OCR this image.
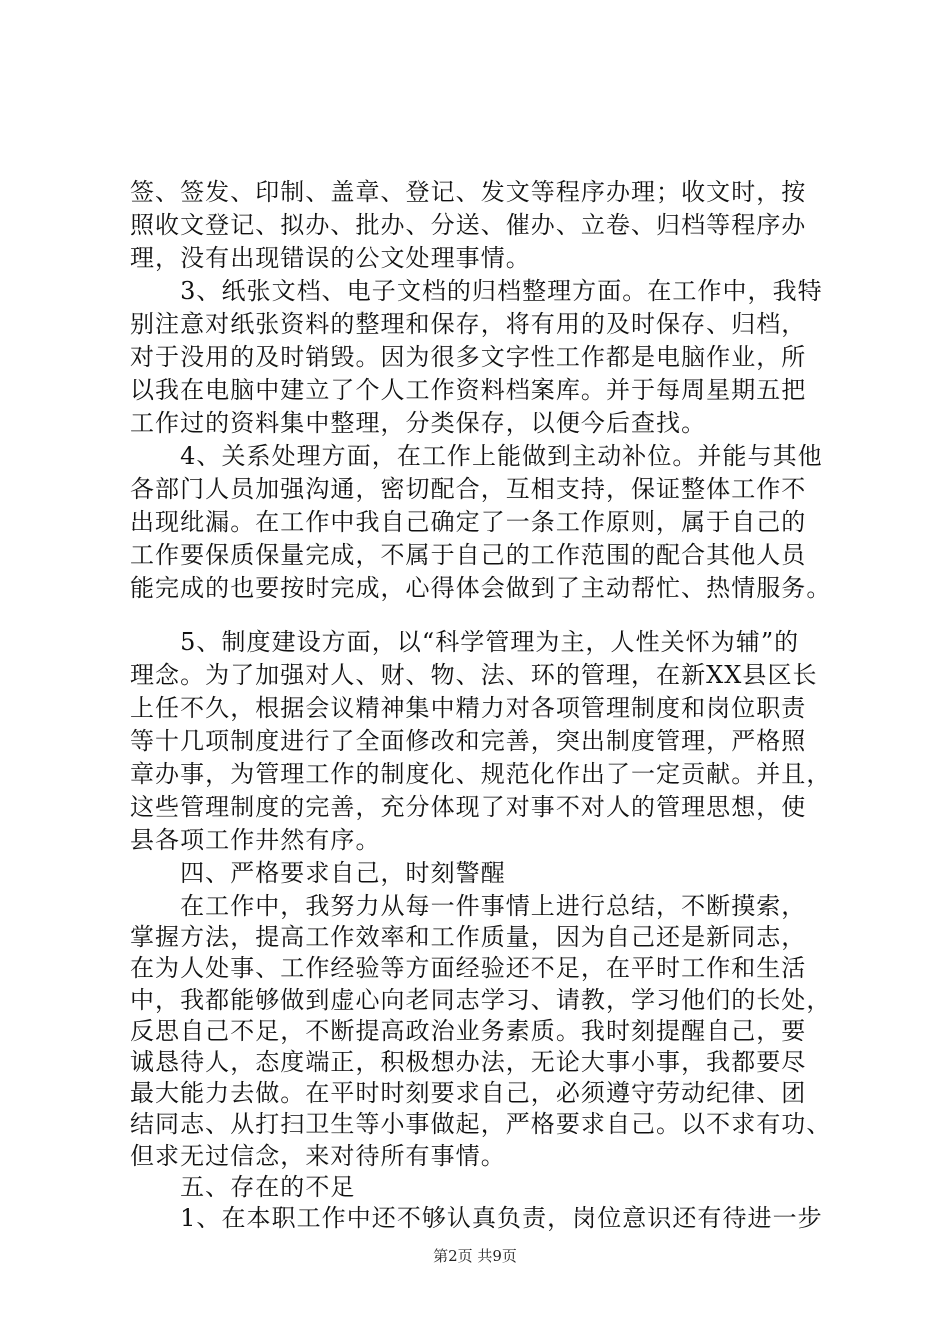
签、签发、印制、盖章、登记、发文等程序办理；收文时，按
照收文登记、拟办、批办、分送、催办、立卷、归档等程序办
理，没有出现错误的公文处理事情。
　　3、纸张文档、电子文档的归档整理方面。在工作中，我特
别注意对纸张资料的整理和保存，将有用的及时保存、归档，
对于没用的及时销毁。因为很多文字性工作都是电脑作业，所
以我在电脑中建立了个人工作资料档案库。并于每周星期五把
工作过的资料集中整理，分类保存，以便今后查找。
　　4、关系处理方面，在工作上能做到主动补位。并能与其他
各部门人员加强沟通，密切配合，互相支持，保证整体工作不
出现纰漏。在工作中我自己确定了一条工作原则，属于自己的
工作要保质保量完成，不属于自己的工作范围的配合其他人员
能完成的也要按时完成，心得体会做到了主动帮忙、热情服务。
　　5、制度建设方面，以“科学管理为主，人性关怀为辅”的
理念。为了加强对人、财、物、法、环的管理，在新XX县区长
上任不久，根据会议精神集中精力对各项管理制度和岗位职责
等十几项制度进行了全面修改和完善，突出制度管理，严格照
章办事，为管理工作的制度化、规范化作出了一定贡献。并且，
这些管理制度的完善，充分体现了对事不对人的管理思想，使
县各项工作井然有序。
　　四、严格要求自己，时刻警醒
　　在工作中，我努力从每一件事情上进行总结，不断摸索，
掌握方法，提高工作效率和工作质量，因为自己还是新同志，
在为人处事、工作经验等方面经验还不足，在平时工作和生活
中，我都能够做到虚心向老同志学习、请教，学习他们的长处，
反思自己不足，不断提高政治业务素质。我时刻提醒自己，要
诚恳待人，态度端正，积极想办法，无论大事小事，我都要尽
最大能力去做。在平时时刻要求自己，必须遵守劳动纪律、团
结同志、从打扫卫生等小事做起，严格要求自己。以不求有功、
但求无过信念，来对待所有事情。
　　五、存在的不足
第2页 共9页
　　1、在本职工作中还不够认真负责，岗位意识还有待进一步
